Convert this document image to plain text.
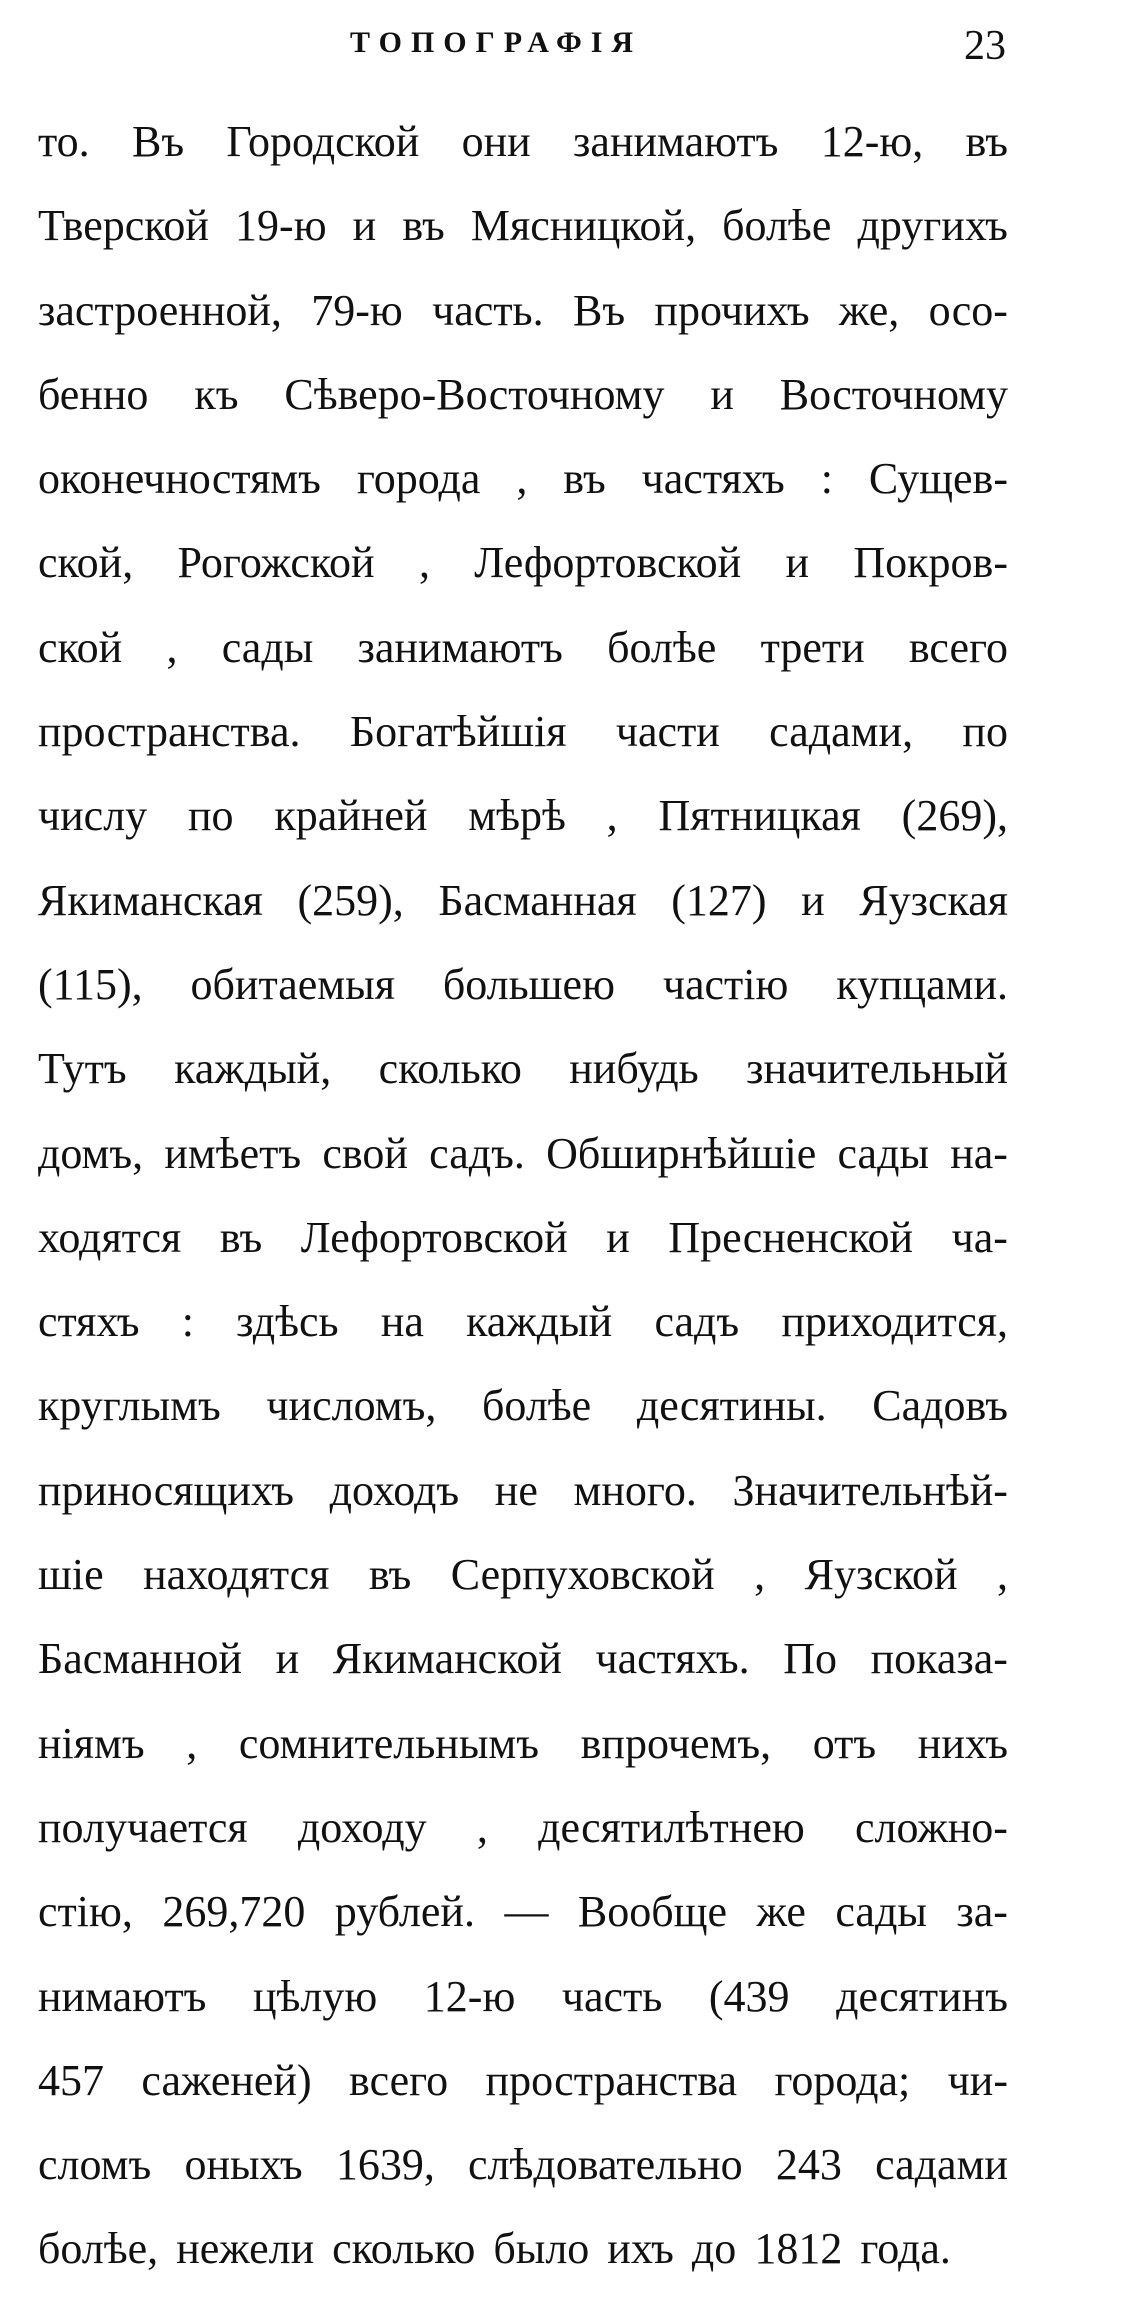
ТОПОГРАФІЯ	23
то. Въ Городской они занимаютъ 12-ю, въ
Тверской 19-ю и въ Мясницкой, болѣе другихъ
застроенной, 79-ю часть. Въ прочихъ же, осо-
бенно къ Сѣверо-Восточному и Восточному
оконечностямъ города , въ частяхъ : Сущев-
ской, Рогожской , Лефортовской и Покров-
ской , сады занимаютъ болѣе трети всего
пространства. Богатѣйшія части садами, по
числу по крайней мѣрѣ , Пятницкая (269),
Якиманская (259), Басманная (127) и Яузская
(115), обитаемыя большею частію купцами.
Тутъ каждый, сколько нибудь значительный
домъ, имѣетъ свой садъ. Обширнѣйшіе сады на-
ходятся въ Лефортовской и Пресненской ча-
стяхъ : здѣсь на каждый садъ приходится,
круглымъ числомъ, болѣе десятины. Садовъ
приносящихъ доходъ не много. Значительнѣй-
шіе находятся въ Серпуховской , Яузской ,
Басманной и Якиманской частяхъ. По показа-
ніямъ , сомнительнымъ впрочемъ, отъ нихъ
получается доходу , десятилѣтнею сложно-
стію, 269,720 рублей. — Вообще же сады за-
нимаютъ цѣлую 12-ю часть (439 десятинъ
457 саженей) всего пространства города; чи-
сломъ оныхъ 1639, слѣдовательно 243 садами
болѣе, нежели сколько было ихъ до 1812 года.
